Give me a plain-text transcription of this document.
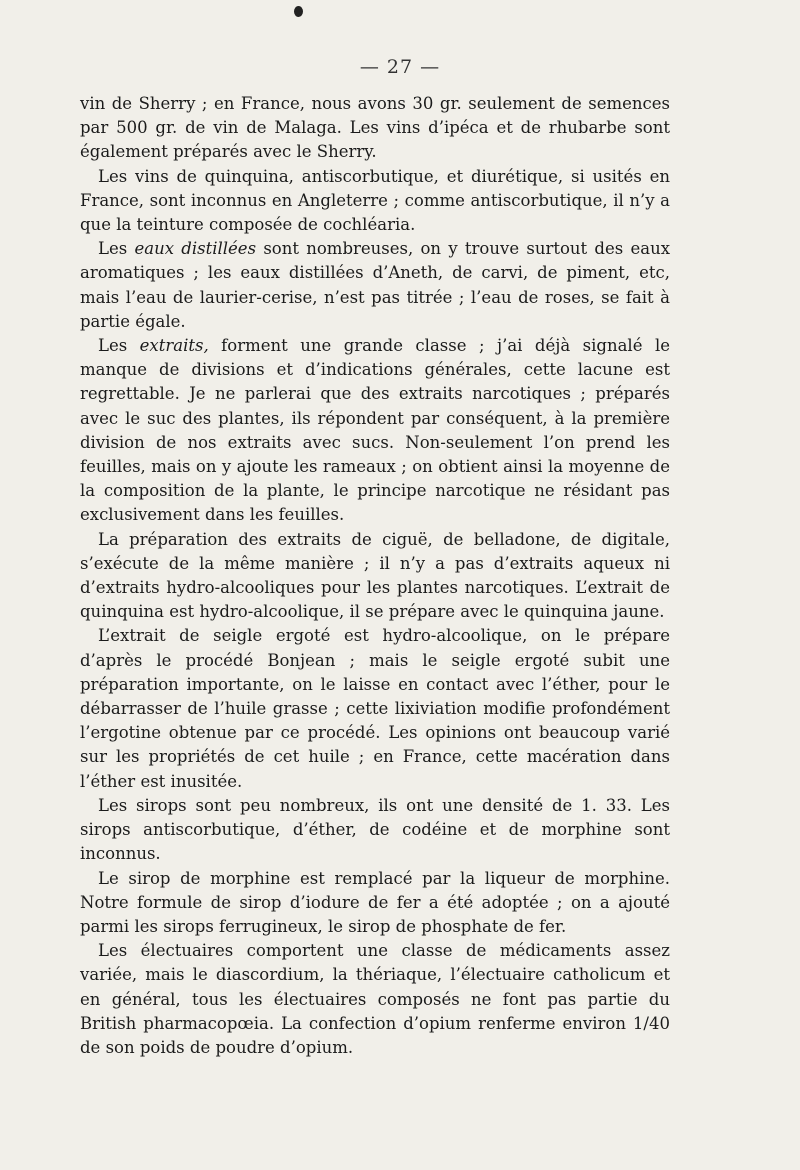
— 27 —

vin de Sherry ; en France, nous avons 30 gr. seulement de semences par 500 gr. de vin de Malaga. Les vins d’ipéca et de rhubarbe sont également préparés avec le Sherry.

Les vins de quinquina, antiscorbutique, et diurétique, si usités en France, sont inconnus en Angleterre ; comme antiscorbutique, il n’y a que la teinture composée de cochléaria.

Les eaux distillées sont nombreuses, on y trouve surtout des eaux aromatiques ; les eaux distillées d’Aneth, de carvi, de piment, etc, mais l’eau de laurier-cerise, n’est pas titrée ; l’eau de roses, se fait à partie égale.

Les extraits, forment une grande classe ; j’ai déjà signalé le manque de divisions et d’indications générales, cette lacune est regrettable. Je ne parlerai que des extraits narcotiques ; préparés avec le suc des plantes, ils répondent par conséquent, à la première division de nos extraits avec sucs. Non-seulement l’on prend les feuilles, mais on y ajoute les rameaux ; on obtient ainsi la moyenne de la composition de la plante, le principe narcotique ne résidant pas exclusivement dans les feuilles.

La préparation des extraits de ciguë, de belladone, de digitale, s’exécute de la même manière ; il n’y a pas d’extraits aqueux ni d’extraits hydro-alcooliques pour les plantes narcotiques. L’extrait de quinquina est hydro-alcoolique, il se prépare avec le quinquina jaune.

L’extrait de seigle ergoté est hydro-alcoolique, on le prépare d’après le procédé Bonjean ; mais le seigle ergoté subit une préparation importante, on le laisse en contact avec l’éther, pour le débarrasser de l’huile grasse ; cette lixiviation modifie profondément l’ergotine obtenue par ce procédé. Les opinions ont beaucoup varié sur les propriétés de cet huile ; en France, cette macération dans l’éther est inusitée.

Les sirops sont peu nombreux, ils ont une densité de 1. 33. Les sirops antiscorbutique, d’éther, de codéine et de morphine sont inconnus.

Le sirop de morphine est remplacé par la liqueur de morphine. Notre formule de sirop d’iodure de fer a été adoptée ; on a ajouté parmi les sirops ferrugineux, le sirop de phosphate de fer.

Les électuaires comportent une classe de médicaments assez variée, mais le diascordium, la thériaque, l’électuaire catholicum et en général, tous les électuaires composés ne font pas partie du British pharmacopœia. La confection d’opium renferme environ 1/40 de son poids de poudre d’opium.
